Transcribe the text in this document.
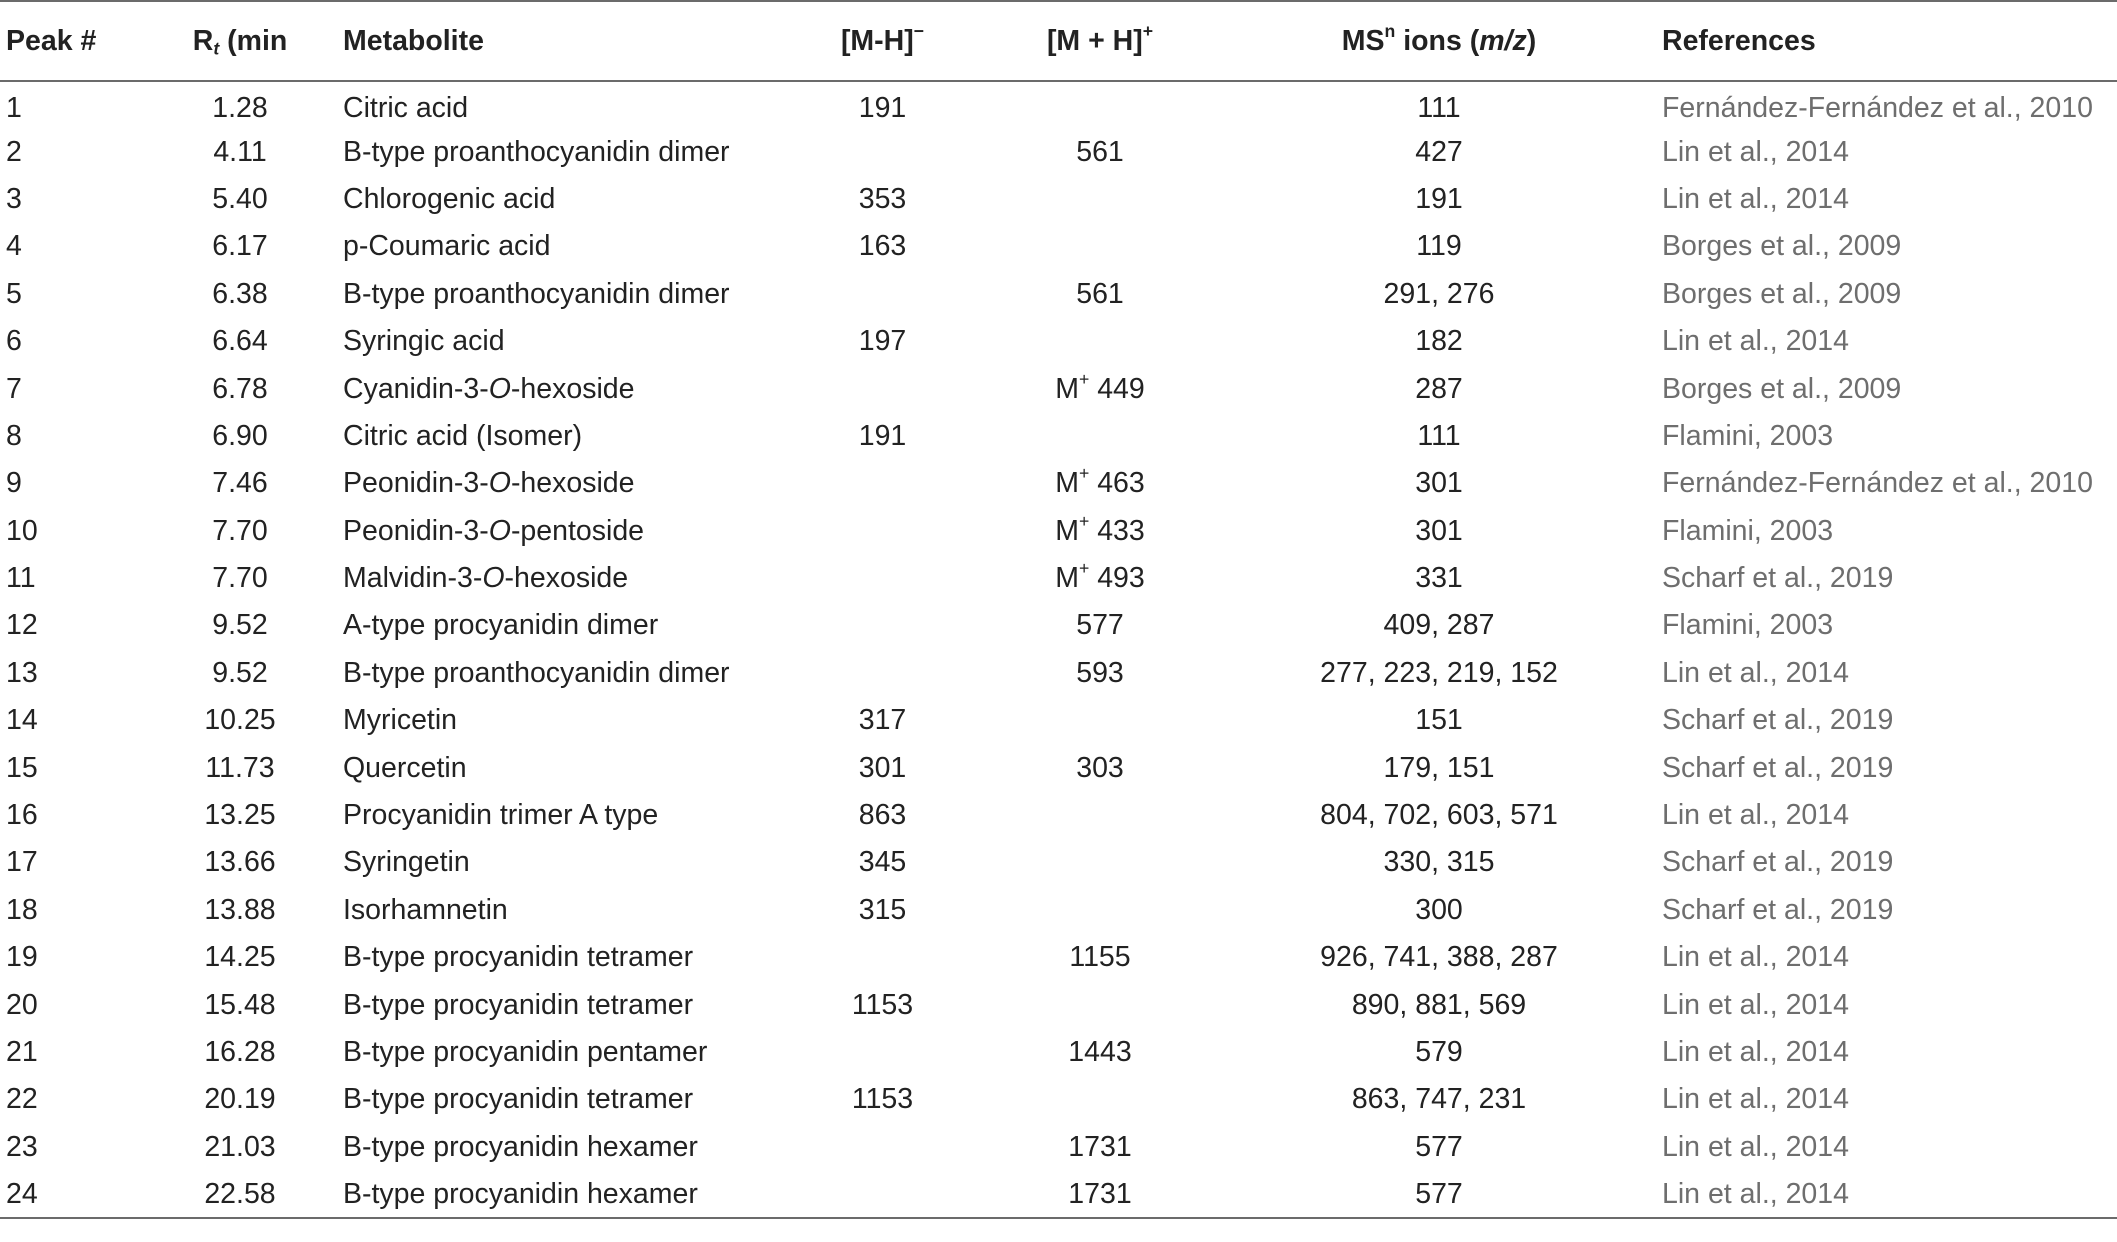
Peak #	$R_t$ (min	Metabolite	[M-H]−	[M + H]+	$MS^n$ ions (m/z)	References
1	1.28	Citric acid	191		111	Fernández-Fernández et al., 2010
2	4.11	B-type proanthocyanidin dimer		561	427	Lin et al., 2014
3	5.40	Chlorogenic acid	353		191	Lin et al., 2014
4	6.17	p-Coumaric acid	163		119	Borges et al., 2009
5	6.38	B-type proanthocyanidin dimer		561	291, 276	Borges et al., 2009
6	6.64	Syringic acid	197		182	Lin et al., 2014
7	6.78	Cyanidin-3-O-hexoside		M+ 449	287	Borges et al., 2009
8	6.90	Citric acid (Isomer)	191		111	Flamini, 2003
9	7.46	Peonidin-3-O-hexoside		M+ 463	301	Fernández-Fernández et al., 2010
10	7.70	Peonidin-3-O-pentoside		M+ 433	301	Flamini, 2003
11	7.70	Malvidin-3-O-hexoside		M+ 493	331	Scharf et al., 2019
12	9.52	A-type procyanidin dimer		577	409, 287	Flamini, 2003
13	9.52	B-type proanthocyanidin dimer		593	277, 223, 219, 152	Lin et al., 2014
14	10.25	Myricetin	317		151	Scharf et al., 2019
15	11.73	Quercetin	301	303	179, 151	Scharf et al., 2019
16	13.25	Procyanidin trimer A type	863		804, 702, 603, 571	Lin et al., 2014
17	13.66	Syringetin	345		330, 315	Scharf et al., 2019
18	13.88	Isorhamnetin	315		300	Scharf et al., 2019
19	14.25	B-type procyanidin tetramer		1155	926, 741, 388, 287	Lin et al., 2014
20	15.48	B-type procyanidin tetramer	1153		890, 881, 569	Lin et al., 2014
21	16.28	B-type procyanidin pentamer		1443	579	Lin et al., 2014
22	20.19	B-type procyanidin tetramer	1153		863, 747, 231	Lin et al., 2014
23	21.03	B-type procyanidin hexamer		1731	577	Lin et al., 2014
24	22.58	B-type procyanidin hexamer		1731	577	Lin et al., 2014
